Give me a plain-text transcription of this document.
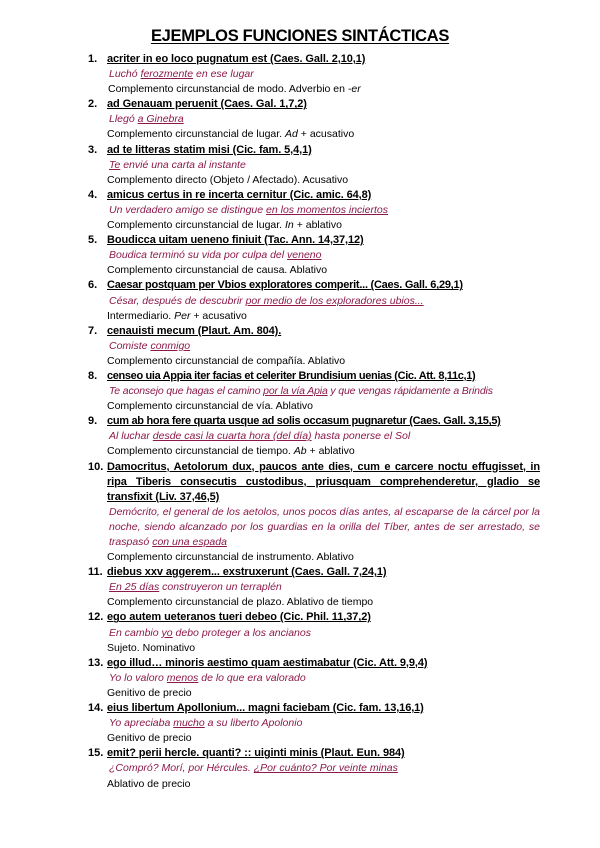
EJEMPLOS FUNCIONES SINTÁCTICAS
1. acriter in eo loco pugnatum est (Caes. Gall. 2,10,1)
Luchó ferozmente en ese lugar
Complemento circunstancial de modo. Adverbio en -er
2. ad Genauam peruenit (Caes. Gal. 1,7,2)
Llegó a Ginebra
Complemento circunstancial de lugar. Ad + acusativo
3. ad te litteras statim misi (Cic. fam. 5,4,1)
Te envié una carta al instante
Complemento directo (Objeto / Afectado). Acusativo
4. amicus certus in re incerta cernitur (Cic. amic. 64,8)
Un verdadero amigo se distingue en los momentos inciertos
Complemento circunstancial de lugar. In + ablativo
5. Boudicca uitam ueneno finiuit (Tac. Ann. 14,37,12)
Boudica terminó su vida por culpa del veneno
Complemento circunstancial de causa. Ablativo
6. Caesar postquam per Vbios exploratores comperit... (Caes. Gall. 6,29,1)
César, después de descubrir por medio de los exploradores ubios...
Intermediario. Per + acusativo
7. cenauisti mecum (Plaut. Am. 804).
Comiste conmigo
Complemento circunstancial de compañía. Ablativo
8. censeo uia Appia iter facias et celeriter Brundisium uenias (Cic. Att. 8,11c,1)
Te aconsejo que hagas el camino por la vía Apia y que vengas rápidamente a Brindis
Complemento circunstancial de vía. Ablativo
9. cum ab hora fere quarta usque ad solis occasum pugnaretur (Caes. Gall. 3,15,5)
Al luchar desde casi la cuarta hora (del día) hasta ponerse el Sol
Complemento circunstancial de tiempo. Ab + ablativo
10. Damocritus, Aetolorum dux, paucos ante dies, cum e carcere noctu effugisset, in ripa Tiberis consecutis custodibus, priusquam comprehenderetur, gladio se transfixit (Liv. 37,46,5)
Demócrito, el general de los aetolos, unos pocos días antes, al escaparse de la cárcel por la noche, siendo alcanzado por los guardias en la orilla del Tíber, antes de ser arrestado, se traspasó con una espada
Complemento circunstancial de instrumento. Ablativo
11. diebus xxv aggerem... exstruxerunt (Caes. Gall. 7,24,1)
En 25 días construyeron un terraplén
Complemento circunstancial de plazo. Ablativo de tiempo
12. ego autem ueteranos tueri debeo (Cic. Phil. 11,37,2)
En cambio yo debo proteger a los ancianos
Sujeto. Nominativo
13. ego illud… minoris aestimo quam aestimabatur (Cic. Att. 9,9,4)
Yo lo valoro menos de lo que era valorado
Genitivo de precio
14. eius libertum Apollonium... magni faciebam (Cic. fam. 13,16,1)
Yo apreciaba mucho a su liberto Apolonio
Genitivo de precio
15. emit? perii hercle. quanti? :: uiginti minis (Plaut. Eun. 984)
¿Compró? Morí, por Hércules. ¿Por cuánto? Por veinte minas
Ablativo de precio
